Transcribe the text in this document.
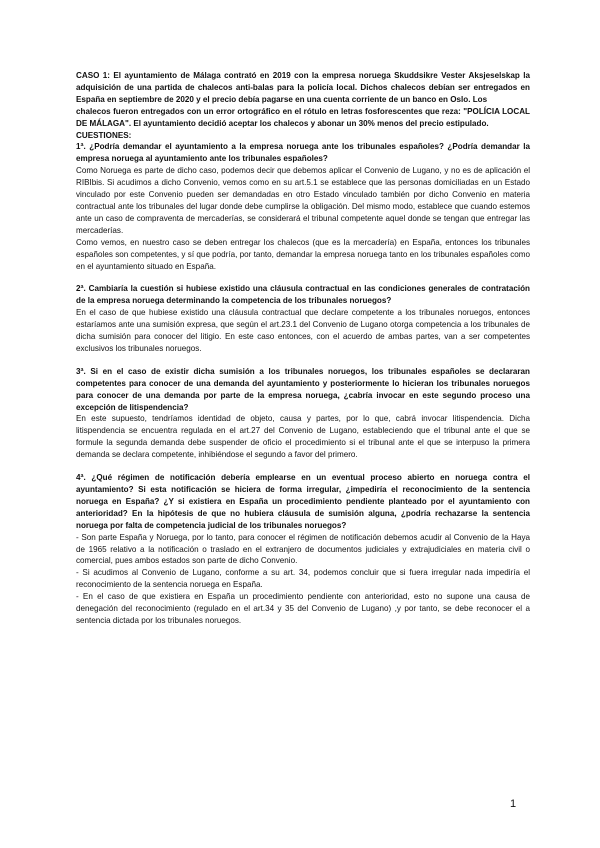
CASO 1: El ayuntamiento de Málaga contrató en 2019 con la empresa noruega Skuddsikre Vester Aksjeselskap la adquisición de una partida de chalecos anti-balas para la policía local. Dichos chalecos debían ser entregados en España en septiembre de 2020 y el precio debía pagarse en una cuenta corriente de un banco en Oslo. Los

chalecos fueron entregados con un error ortográfico en el rótulo en letras fosforescentes que reza: "POLÍCIA LOCAL DE MÁLAGA". El ayuntamiento decidió aceptar los chalecos y abonar un 30% menos del precio estipulado.

CUESTIONES:

1ª. ¿Podría demandar el ayuntamiento a la empresa noruega ante los tribunales españoles? ¿Podría demandar la empresa noruega al ayuntamiento ante los tribunales españoles?

Como Noruega es parte de dicho caso, podemos decir que debemos aplicar el Convenio de Lugano, y no es de aplicación el RIBIbis. Si acudimos a dicho Convenio, vemos como en su art.5.1 se establece que las personas domiciliadas en un Estado vinculado por este Convenio pueden ser demandadas en otro Estado vinculado también por dicho Convenio en materia contractual ante los tribunales del lugar donde debe cumplirse la obligación. Del mismo modo, establece que cuando estemos ante un caso de compraventa de mercaderías, se considerará el tribunal competente aquel donde se tengan que entregar las mercaderías.

Como vemos, en nuestro caso se deben entregar los chalecos (que es la mercadería) en España, entonces los tribunales españoles son competentes, y sí que podría, por tanto, demandar la empresa noruega tanto en los tribunales españoles como en el ayuntamiento situado en España.

2ª. Cambiaría la cuestión si hubiese existido una cláusula contractual en las condiciones generales de contratación de la empresa noruega determinando la competencia de los tribunales noruegos?

En el caso de que hubiese existido una cláusula contractual que declare competente a los tribunales noruegos, entonces estaríamos ante una sumisión expresa, que según el art.23.1 del Convenio de Lugano otorga competencia a los tribunales de dicha sumisión para conocer del litigio. En este caso entonces, con el acuerdo de ambas partes, van a ser competentes exclusivos los tribunales noruegos.

3ª. Si en el caso de existir dicha sumisión a los tribunales noruegos, los tribunales españoles se declararan competentes para conocer de una demanda del ayuntamiento y posteriormente lo hicieran los tribunales noruegos para conocer de una demanda por parte de la empresa noruega, ¿cabría invocar en este segundo proceso una excepción de litispendencia?

En este supuesto, tendríamos identidad de objeto, causa y partes, por lo que, cabrá invocar litispendencia. Dicha litispendencia se encuentra regulada en el art.27 del Convenio de Lugano, estableciendo que el tribunal ante el que se formule la segunda demanda debe suspender de oficio el procedimiento si el tribunal ante el que se interpuso la primera demanda se declara competente, inhibiéndose el segundo a favor del primero.

4ª. ¿Qué régimen de notificación debería emplearse en un eventual proceso abierto en noruega contra el ayuntamiento? Si esta notificación se hiciera de forma irregular, ¿impediría el reconocimiento de la sentencia noruega en España? ¿Y si existiera en España un procedimiento pendiente planteado por el ayuntamiento con anterioridad? En la hipótesis de que no hubiera cláusula de sumisión alguna, ¿podría rechazarse la sentencia noruega por falta de competencia judicial de los tribunales noruegos?

- Son parte España y Noruega, por lo tanto, para conocer el régimen de notificación debemos acudir al Convenio de la Haya de 1965 relativo a la notificación o traslado en el extranjero de documentos judiciales y extrajudiciales en materia civil o comercial, pues ambos estados son parte de dicho Convenio.

- Si acudimos al Convenio de Lugano, conforme a su art. 34, podemos concluir que si fuera irregular nada impediría el reconocimiento de la sentencia noruega en España.

- En el caso de que existiera en España un procedimiento pendiente con anterioridad, esto no supone una causa de denegación del reconocimiento (regulado en el art.34 y 35 del Convenio de Lugano) ,y por tanto, se debe reconocer el a sentencia dictada por los tribunales noruegos.

1
